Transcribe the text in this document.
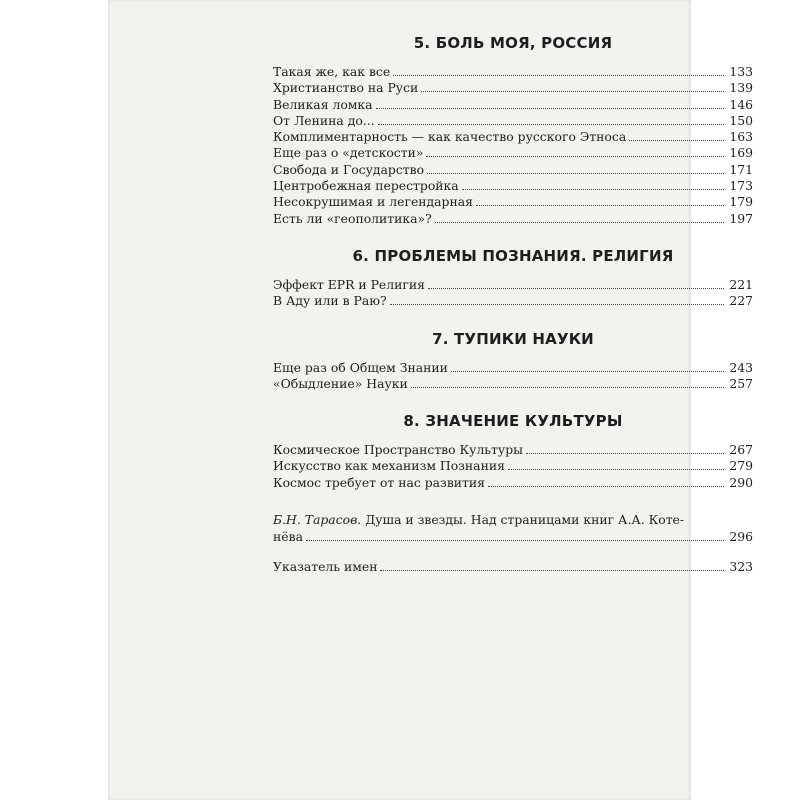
5. БОЛЬ МОЯ, РОССИЯ
Такая же, как все	133
Христианство на Руси	139
Великая ломка	146
От Ленина до...	150
Комплиментарность — как качество русского Этноса	163
Еще раз о «детскости»	169
Свобода и Государство	171
Центробежная перестройка	173
Несокрушимая и легендарная	179
Есть ли «геополитика»?	197
6. ПРОБЛЕМЫ ПОЗНАНИЯ. РЕЛИГИЯ
Эффект EPR и Религия	221
В Аду или в Раю?	227
7. ТУПИКИ НАУКИ
Еще раз об Общем Знании	243
«Обыдление» Науки	257
8. ЗНАЧЕНИЕ КУЛЬТУРЫ
Космическое Пространство Культуры	267
Искусство как механизм Познания	279
Космос требует от нас развития	290
Б.Н. Тарасов. Душа и звезды. Над страницами книг А.А. Коте-
нёва	296
Указатель имен	323
